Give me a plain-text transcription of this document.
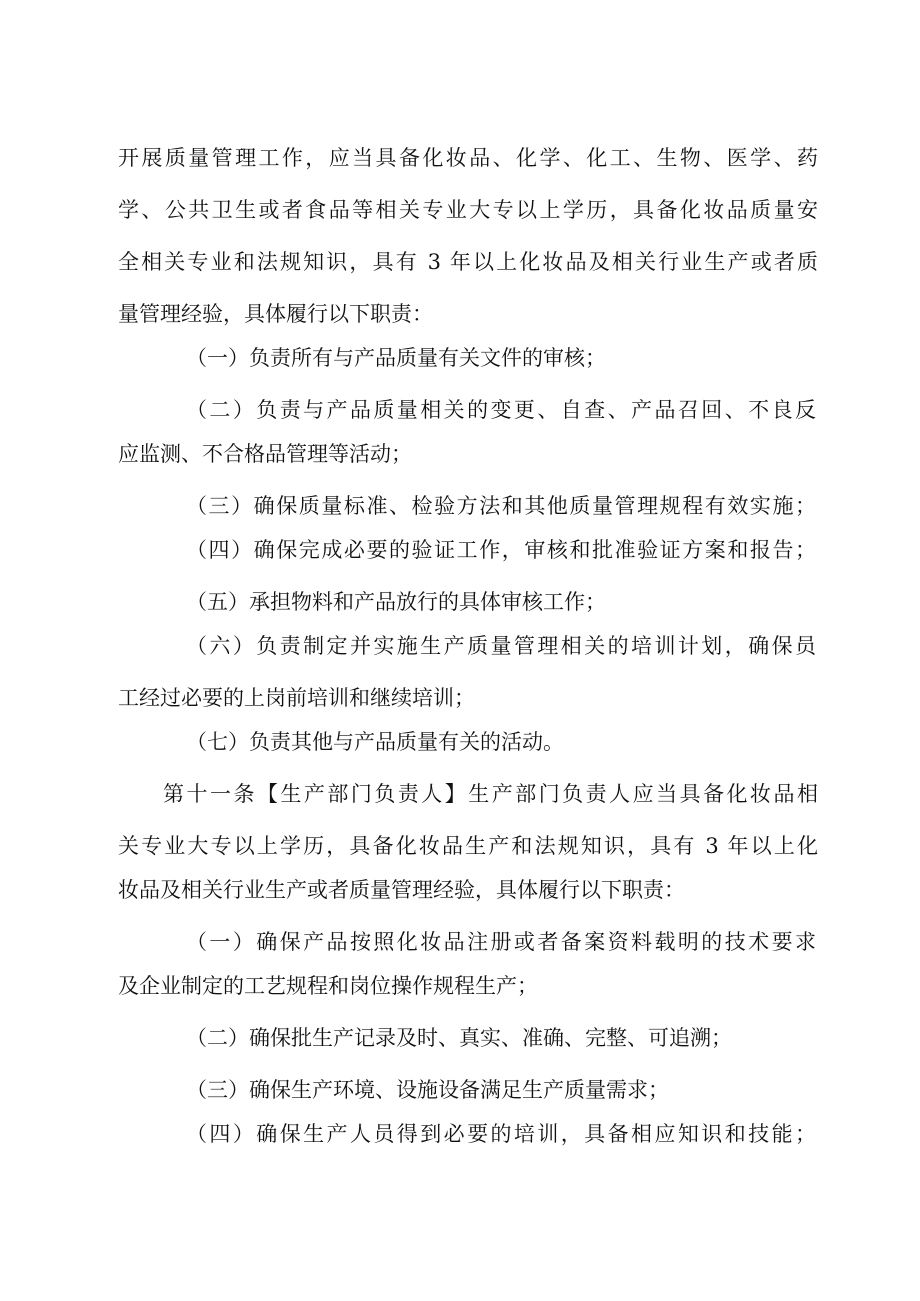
开展质量管理工作，应当具备化妆品、化学、化工、生物、医学、药
学、公共卫生或者食品等相关专业大专以上学历，具备化妆品质量安
全相关专业和法规知识，具有 3 年以上化妆品及相关行业生产或者质
量管理经验，具体履行以下职责：
（一）负责所有与产品质量有关文件的审核；
（二）负责与产品质量相关的变更、自查、产品召回、不良反
应监测、不合格品管理等活动；
（三）确保质量标准、检验方法和其他质量管理规程有效实施；
（四）确保完成必要的验证工作，审核和批准验证方案和报告；
（五）承担物料和产品放行的具体审核工作；
（六）负责制定并实施生产质量管理相关的培训计划，确保员
工经过必要的上岗前培训和继续培训；
（七）负责其他与产品质量有关的活动。
第十一条【生产部门负责人】生产部门负责人应当具备化妆品相
关专业大专以上学历，具备化妆品生产和法规知识，具有 3 年以上化
妆品及相关行业生产或者质量管理经验，具体履行以下职责：
（一）确保产品按照化妆品注册或者备案资料载明的技术要求
及企业制定的工艺规程和岗位操作规程生产；
（二）确保批生产记录及时、真实、准确、完整、可追溯；
（三）确保生产环境、设施设备满足生产质量需求；
（四）确保生产人员得到必要的培训，具备相应知识和技能；
